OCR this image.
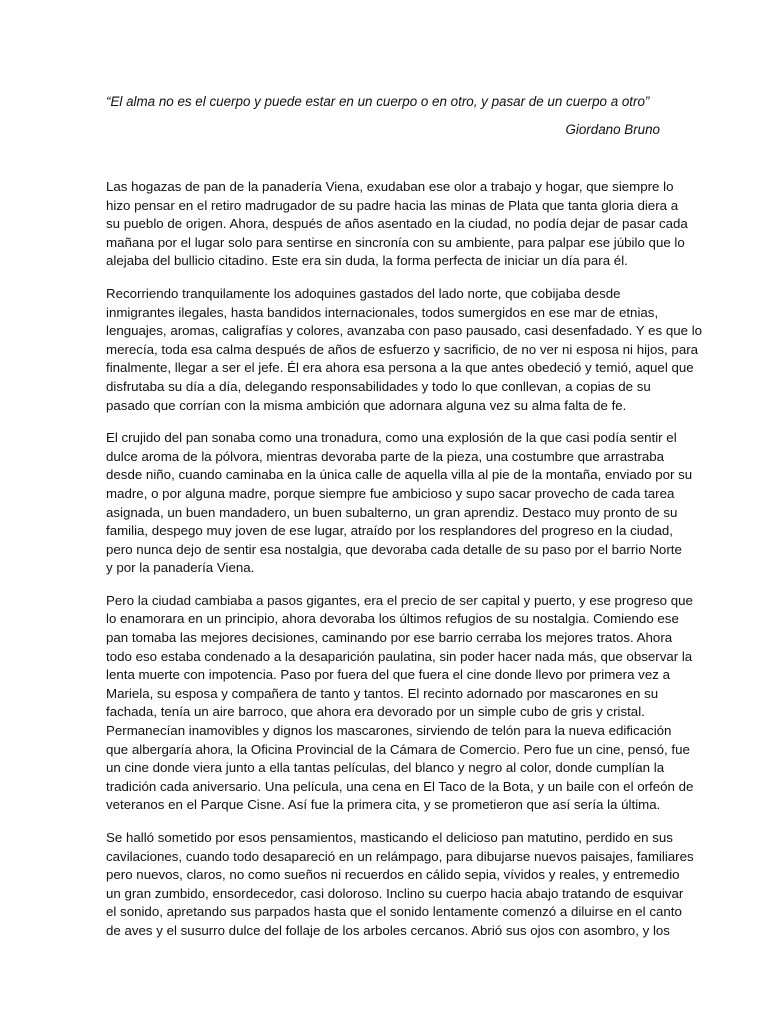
“El alma no es el cuerpo y puede estar en un cuerpo o en otro, y pasar de un cuerpo a otro”

Giordano Bruno

Las hogazas de pan de la panadería Viena, exudaban ese olor a trabajo y hogar, que siempre lo
hizo pensar en el retiro madrugador de su padre hacia las minas de Plata que tanta gloria diera a
su pueblo de origen. Ahora, después de años asentado en la ciudad, no podía dejar de pasar cada
mañana por el lugar solo para sentirse en sincronía con su ambiente, para palpar ese júbilo que lo
alejaba del bullicio citadino. Este era sin duda, la forma perfecta de iniciar un día para él.

Recorriendo tranquilamente los adoquines gastados del lado norte, que cobijaba desde
inmigrantes ilegales, hasta bandidos internacionales, todos sumergidos en ese mar de etnias,
lenguajes, aromas, caligrafías y colores, avanzaba con paso pausado, casi desenfadado. Y es que lo
merecía, toda esa calma después de años de esfuerzo y sacrificio, de no ver ni esposa ni hijos, para
finalmente, llegar a ser el jefe. Él era ahora esa persona a la que antes obedeció y temió, aquel que
disfrutaba su día a día, delegando responsabilidades y todo lo que conllevan, a copias de su
pasado que corrían con la misma ambición que adornara alguna vez su alma falta de fe.

El crujido del pan sonaba como una tronadura, como una explosión de la que casi podía sentir el
dulce aroma de la pólvora, mientras devoraba parte de la pieza, una costumbre que arrastraba
desde niño, cuando caminaba en la única calle de aquella villa al pie de la montaña, enviado por su
madre, o por alguna madre, porque siempre fue ambicioso y supo sacar provecho de cada tarea
asignada, un buen mandadero, un buen subalterno, un gran aprendiz. Destaco muy pronto de su
familia, despego muy joven de ese lugar, atraído por los resplandores del progreso en la ciudad,
pero nunca dejo de sentir esa nostalgia, que devoraba cada detalle de su paso por el barrio Norte
y por la panadería Viena.

Pero la ciudad cambiaba a pasos gigantes, era el precio de ser capital y puerto, y ese progreso que
lo enamorara en un principio, ahora devoraba los últimos refugios de su nostalgia. Comiendo ese
pan tomaba las mejores decisiones, caminando por ese barrio cerraba los mejores tratos. Ahora
todo eso estaba condenado a la desaparición paulatina, sin poder hacer nada más, que observar la
lenta muerte con impotencia. Paso por fuera del que fuera el cine donde llevo por primera vez a
Mariela, su esposa y compañera de tanto y tantos. El recinto adornado por mascarones en su
fachada, tenía un aire barroco, que ahora era devorado por un simple cubo de gris y cristal.
Permanecían inamovibles y dignos los mascarones, sirviendo de telón para la nueva edificación
que albergaría ahora, la Oficina Provincial de la Cámara de Comercio. Pero fue un cine, pensó, fue
un cine donde viera junto a ella tantas películas, del blanco y negro al color, donde cumplían la
tradición cada aniversario. Una película, una cena en El Taco de la Bota, y un baile con el orfeón de
veteranos en el Parque Cisne. Así fue la primera cita, y se prometieron que así sería la última.

Se halló sometido por esos pensamientos, masticando el delicioso pan matutino, perdido en sus
cavilaciones, cuando todo desapareció en un relámpago, para dibujarse nuevos paisajes, familiares
pero nuevos, claros, no como sueños ni recuerdos en cálido sepia, vívidos y reales, y entremedio
un gran zumbido, ensordecedor, casi doloroso. Inclino su cuerpo hacia abajo tratando de esquivar
el sonido, apretando sus parpados hasta que el sonido lentamente comenzó a diluirse en el canto
de aves y el susurro dulce del follaje de los arboles cercanos. Abrió sus ojos con asombro, y los
